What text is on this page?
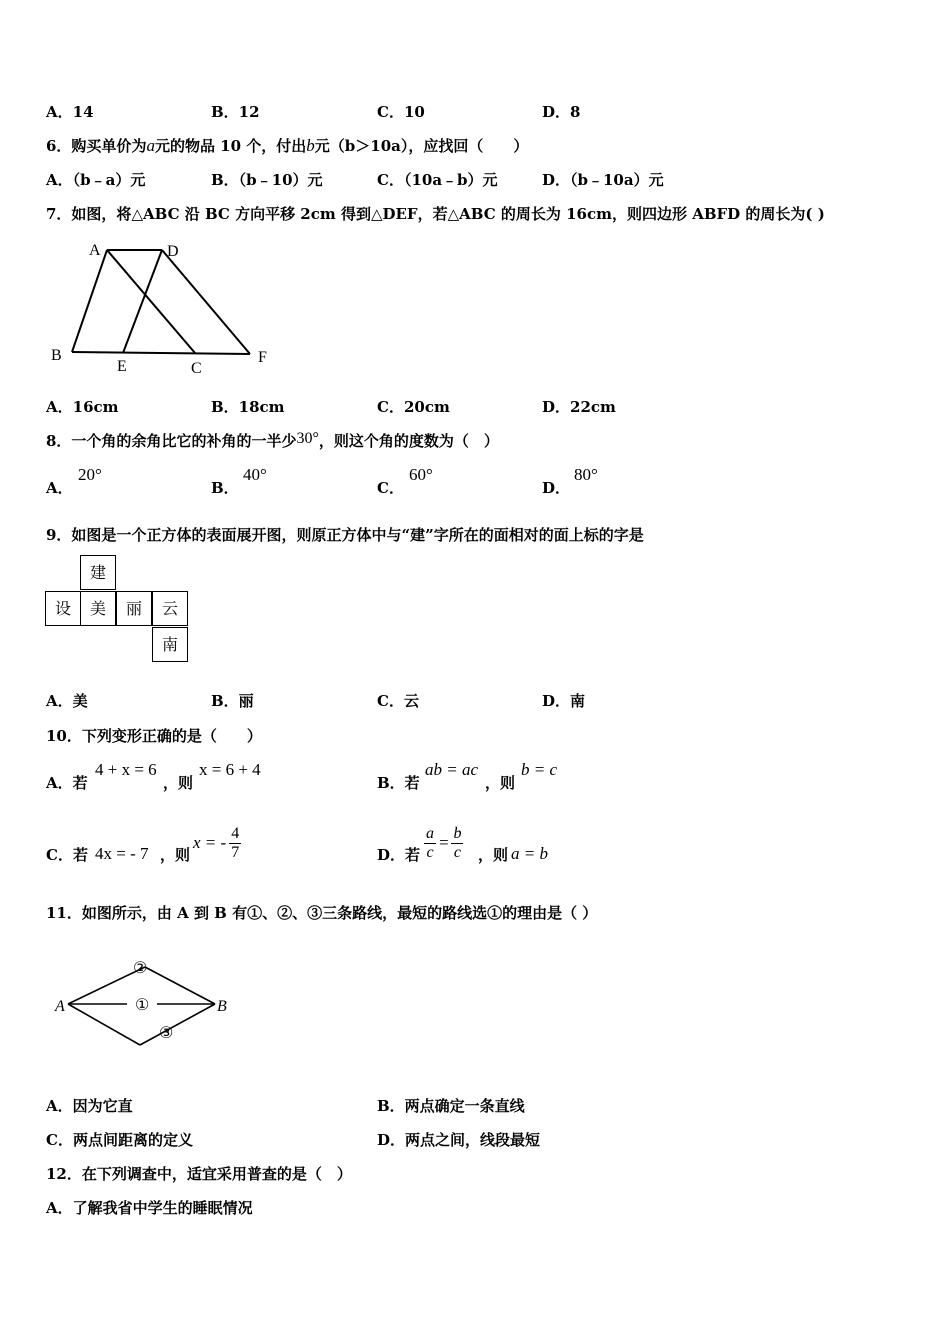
A．14	B．12	C．10	D．8
6．购买单价为a元的物品 10 个，付出b元（b＞10a），应找回（　　）
A．（b﹣a）元	B．（b﹣10）元	C．（10a﹣b）元	D．（b﹣10a）元
7．如图，将△ABC 沿 BC 方向平移 2cm 得到△DEF，若△ABC 的周长为 16cm，则四边形 ABFD 的周长为( )
A	D
B
E	C
F
A．16cm	B．18cm	C．20cm	D．22cm
8．一个角的余角比它的补角的一半少30°，则这个角的度数为（　）
A．
20°
B．
40°
C．
60°
D．
80°
9．如图是一个正方体的表面展开图，则原正方体中与“建”字所在的面相对的面上标的字是
建
设	美	丽	云
南
A．美	B．丽	C．云	D．南
10．下列变形正确的是（　　）
A．若
4 + x = 6
，则
x = 6 + 4
B．若
ab = ac
，则
b = c
C．若 4x = - 7 ，则
x = - $\frac{4}{7}$	D．若 $\frac{a}{c} = \frac{b}{c}$ ，则 a = b
11．如图所示，由 A 到 B 有①、②、③三条路线，最短的路线选①的理由是（ ）
A	B
②
①
③
A．因为它直	B．两点确定一条直线
C．两点间距离的定义	D．两点之间，线段最短
12．在下列调查中，适宜采用普查的是（　）
A．了解我省中学生的睡眠情况
